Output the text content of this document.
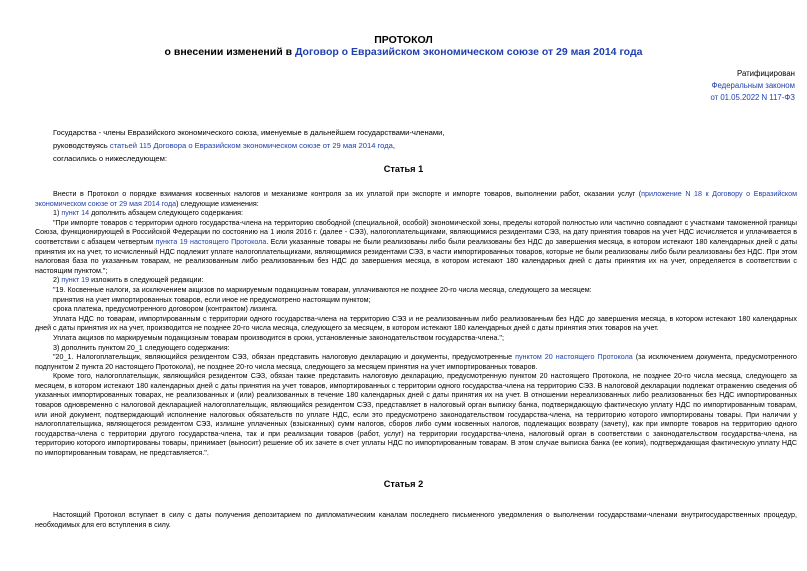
ПРОТОКОЛ
о внесении изменений в Договор о Евразийском экономическом союзе от 29 мая 2014 года
Ратифицирован
Федеральным законом
от 01.05.2022 N 117-ФЗ
Государства - члены Евразийского экономического союза, именуемые в дальнейшем государствами-членами,
руководствуясь статьей 115 Договора о Евразийском экономическом союзе от 29 мая 2014 года,
согласились о нижеследующем:
Статья 1

Внести в Протокол о порядке взимания косвенных налогов и механизме контроля за их уплатой при экспорте и импорте товаров, выполнении работ, оказании услуг (приложение N 18 к Договору о Евразийском экономическом союзе от 29 мая 2014 года) следующие изменения:

1) пункт 14 дополнить абзацем следующего содержания:

"При импорте товаров с территории одного государства-члена на территорию свободной (специальной, особой) экономической зоны, пределы которой полностью или частично совпадают с участками таможенной границы Союза, функционирующей в Российской Федерации по состоянию на 1 июля 2016 г. (далее - СЭЗ), налогоплательщиками, являющимися резидентами СЭЗ, на дату принятия товаров на учет НДС исчисляется и уплачивается в соответствии с абзацем четвертым пункта 19 настоящего Протокола. Если указанные товары не были реализованы либо были реализованы без НДС до завершения месяца, в котором истекают 180 календарных дней с даты принятия их на учет, то исчисленный НДС подлежит уплате налогоплательщиками, являющимися резидентами СЭЗ, в части импортированных товаров, которые не были реализованы либо были реализованы без НДС. При этом налоговая база по указанным товарам, не реализованным либо реализованным без НДС до завершения месяца, в котором истекают 180 календарных дней с даты принятия их на учет, определяется в соответствии с настоящим пунктом.";

2) пункт 19 изложить в следующей редакции:

"19. Косвенные налоги, за исключением акцизов по маркируемым подакцизным товарам, уплачиваются не позднее 20-го числа месяца, следующего за месяцем:

принятия на учет импортированных товаров, если иное не предусмотрено настоящим пунктом;

срока платежа, предусмотренного договором (контрактом) лизинга.

Уплата НДС по товарам, импортированным с территории одного государства-члена на территорию СЭЗ и не реализованным либо реализованным без НДС до завершения месяца, в котором истекают 180 календарных дней с даты принятия их на учет, производится не позднее 20-го числа месяца, следующего за месяцем, в котором истекают 180 календарных дней с даты принятия этих товаров на учет.

Уплата акцизов по маркируемым подакцизным товарам производится в сроки, установленные законодательством государства-члена.";

3) дополнить пунктом 20_1 следующего содержания:

"20_1. Налогоплательщик, являющийся резидентом СЭЗ, обязан представить налоговую декларацию и документы, предусмотренные пунктом 20 настоящего Протокола (за исключением документа, предусмотренного подпунктом 2 пункта 20 настоящего Протокола), не позднее 20-го числа месяца, следующего за месяцем принятия на учет импортированных товаров.

Кроме того, налогоплательщик, являющийся резидентом СЭЗ, обязан также представить налоговую декларацию, предусмотренную пунктом 20 настоящего Протокола, не позднее 20-го числа месяца, следующего за месяцем, в котором истекают 180 календарных дней с даты принятия на учет товаров, импортированных с территории одного государства-члена на территорию СЭЗ. В налоговой декларации подлежат отражению сведения об указанных импортированных товарах, не реализованных и (или) реализованных в течение 180 календарных дней с даты принятия их на учет. В отношении нереализованных либо реализованных без НДС импортированных товаров одновременно с налоговой декларацией налогоплательщик, являющийся резидентом СЭЗ, представляет в налоговый орган выписку банка, подтверждающую фактическую уплату НДС по импортированным товарам, или иной документ, подтверждающий исполнение налоговых обязательств по уплате НДС, если это предусмотрено законодательством государства-члена, на территорию которого импортированы товары. При наличии у налогоплательщика, являющегося резидентом СЭЗ, излишне уплаченных (взысканных) сумм налогов, сборов либо сумм косвенных налогов, подлежащих возврату (зачету), как при импорте товаров на территорию одного государства-члена с территории другого государства-члена, так и при реализации товаров (работ, услуг) на территории государства-члена, налоговый орган в соответствии с законодательством государства-члена, на территорию которого импортированы товары, принимает (выносит) решение об их зачете в счет уплаты НДС по импортированным товарам. В этом случае выписка банка (ее копия), подтверждающая фактическую уплату НДС по импортированным товарам, не представляется.".

Статья 2

Настоящий Протокол вступает в силу с даты получения депозитарием по дипломатическим каналам последнего письменного уведомления о выполнении государствами-членами внутригосударственных процедур, необходимых для его вступления в силу.
